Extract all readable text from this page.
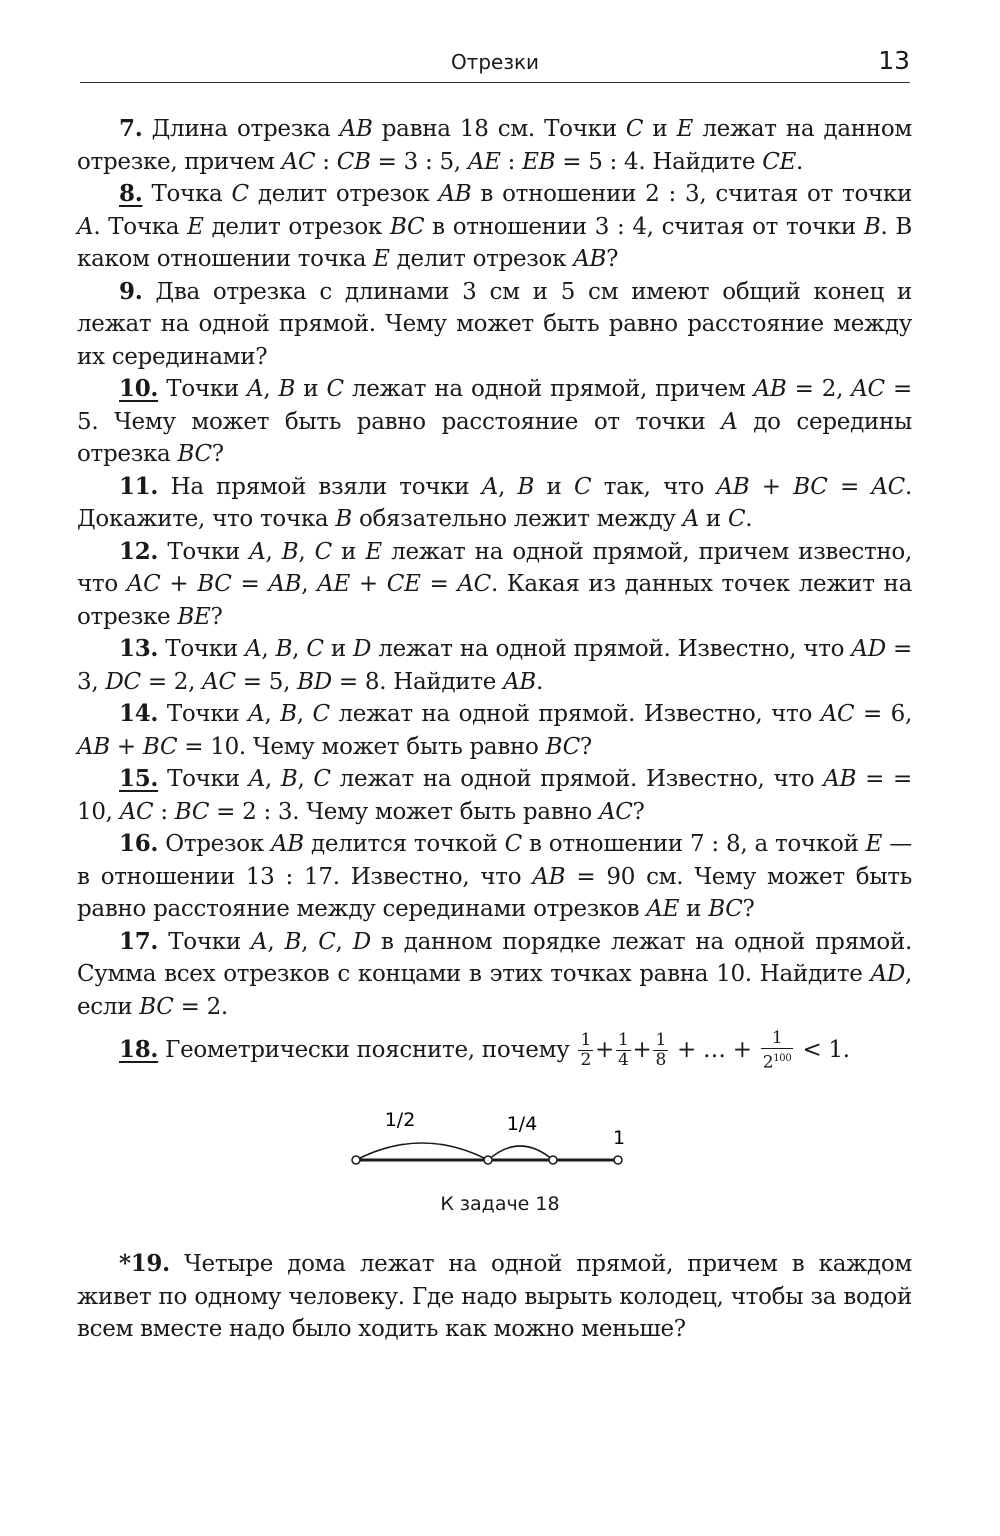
Отрезки	13

7. Длина отрезка AB равна 18 см. Точки C и E лежат на данном отрезке, причем AC : CB = 3 : 5, AE : EB = 5 : 4. Найдите CE.

8. Точка C делит отрезок AB в отношении 2 : 3, считая от точки A. Точка E делит отрезок BC в отношении 3 : 4, считая от точки B. В каком отношении точка E делит отрезок AB?

9. Два отрезка с длинами 3 см и 5 см имеют общий конец и лежат на одной прямой. Чему может быть равно расстояние между их серединами?

10. Точки A, B и C лежат на одной прямой, причем AB = 2, AC = 5. Чему может быть равно расстояние от точки A до середины отрезка BC?

11. На прямой взяли точки A, B и C так, что AB + BC = AC. Докажите, что точка B обязательно лежит между A и C.

12. Точки A, B, C и E лежат на одной прямой, причем известно, что AC + BC = AB, AE + CE = AC. Какая из данных точек лежит на отрезке BE?

13. Точки A, B, C и D лежат на одной прямой. Известно, что AD = 3, DC = 2, AC = 5, BD = 8. Найдите AB.

14. Точки A, B, C лежат на одной прямой. Известно, что AC = 6, AB + BC = 10. Чему может быть равно BC?

15. Точки A, B, C лежат на одной прямой. Известно, что AB = = 10, AC : BC = 2 : 3. Чему может быть равно AC?

16. Отрезок AB делится точкой C в отношении 7 : 8, а точкой E — в отношении 13 : 17. Известно, что AB = 90 см. Чему может быть равно расстояние между серединами отрезков AE и BC?

17. Точки A, B, C, D в данном порядке лежат на одной прямой. Сумма всех отрезков с концами в этих точках равна 10. Найдите AD, если BC = 2.

18. Геометрически поясните, почему $\frac{1}{2} + \frac{1}{4} + \frac{1}{8}$ + … + $\frac{1}{2^{100}} < 1$.

1/2	1/4
1
К задаче 18

*19. Четыре дома лежат на одной прямой, причем в каждом живет по одному человеку. Где надо вырыть колодец, чтобы за водой всем вместе надо было ходить как можно меньше?
